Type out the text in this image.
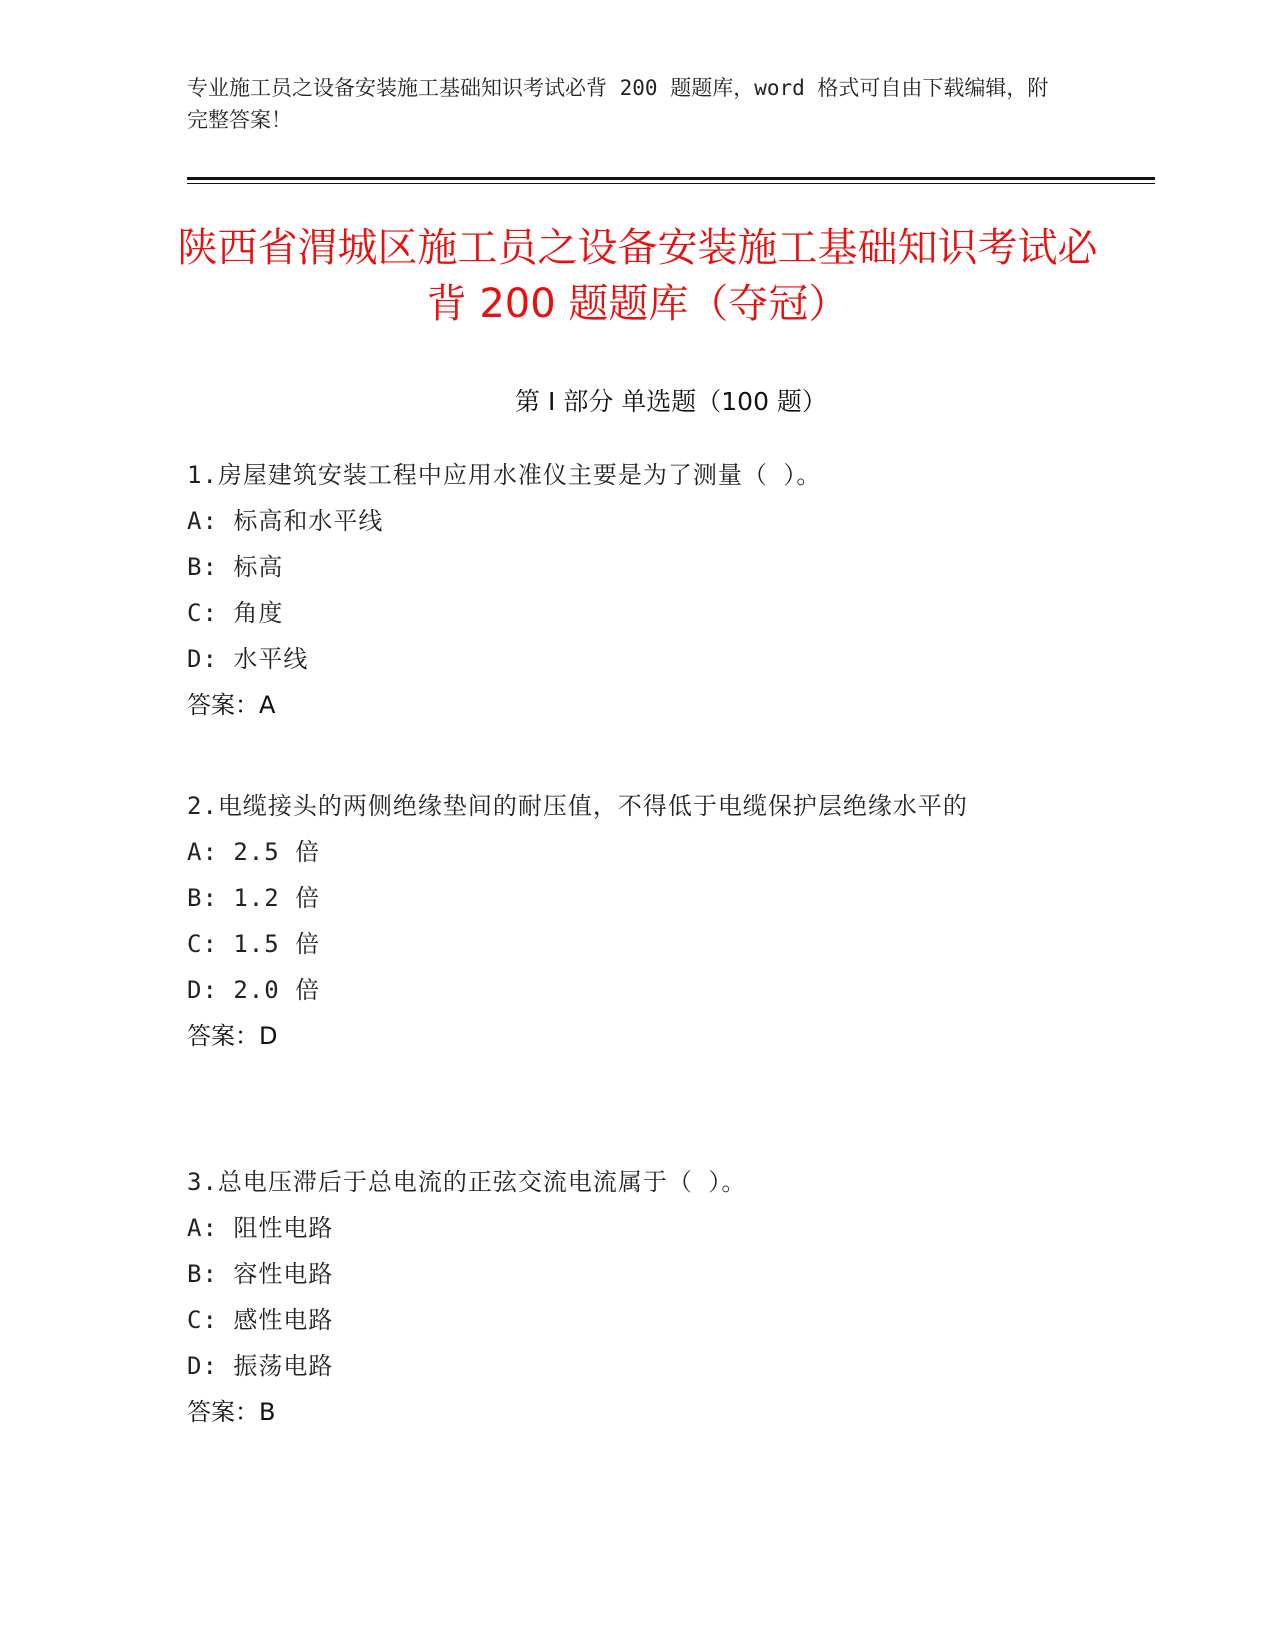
专业施工员之设备安装施工基础知识考试必背 200 题题库，word 格式可自由下载编辑，附完整答案！
陕西省渭城区施工员之设备安装施工基础知识考试必背 200 题题库（夺冠）
第 I 部分 单选题（100 题）
1.房屋建筑安装工程中应用水准仪主要是为了测量（ ）。
A: 标高和水平线
B: 标高
C: 角度
D: 水平线
答案：A
2.电缆接头的两侧绝缘垫间的耐压值，不得低于电缆保护层绝缘水平的
A: 2.5 倍
B: 1.2 倍
C: 1.5 倍
D: 2.0 倍
答案：D
3.总电压滞后于总电流的正弦交流电流属于（ ）。
A: 阻性电路
B: 容性电路
C: 感性电路
D: 振荡电路
答案：B
